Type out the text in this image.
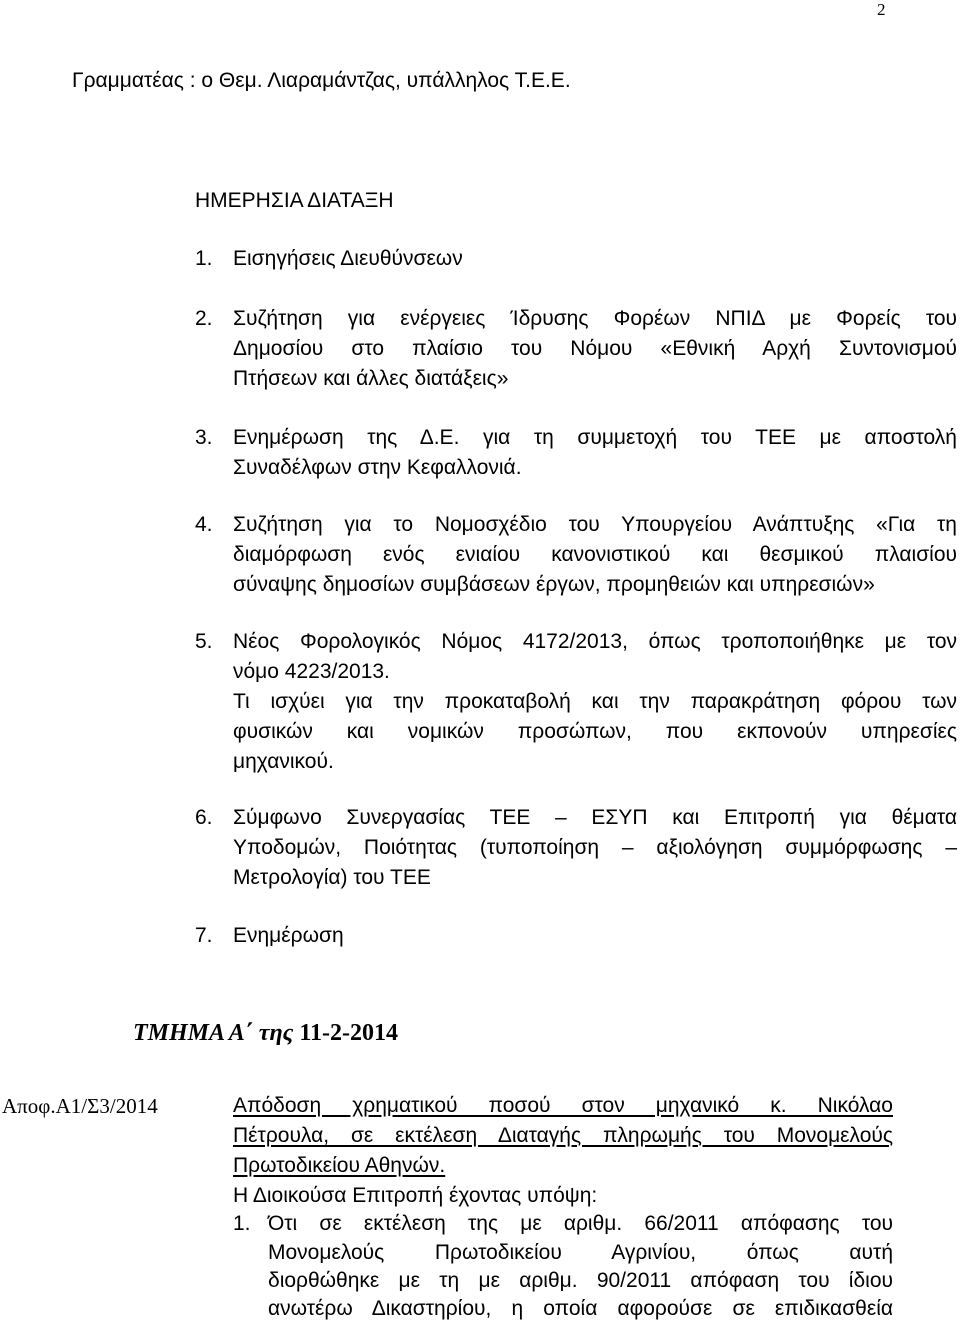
2
Γραμματέας : ο Θεμ. Λιαραμάντζας, υπάλληλος Τ.Ε.Ε.
ΗΜΕΡΗΣΙΑ ΔΙΑΤΑΞΗ
1. Εισηγήσεις Διευθύνσεων
2. Συζήτηση για ενέργειες Ίδρυσης Φορέων ΝΠΙΔ με Φορείς του
Δημοσίου στο πλαίσιο του Νόμου «Εθνική Αρχή Συντονισμού
Πτήσεων και άλλες διατάξεις»
3. Ενημέρωση της Δ.Ε. για τη συμμετοχή του ΤΕΕ με αποστολή
Συναδέλφων στην Κεφαλλονιά.
4. Συζήτηση για το Νομοσχέδιο του Υπουργείου Ανάπτυξης «Για τη
διαμόρφωση ενός ενιαίου κανονιστικού και θεσμικού πλαισίου
σύναψης δημοσίων συμβάσεων έργων, προμηθειών και υπηρεσιών»
5. Νέος Φορολογικός Νόμος 4172/2013, όπως τροποποιήθηκε με τον
νόμο 4223/2013.
Τι ισχύει για την προκαταβολή και την παρακράτηση φόρου των
φυσικών και νομικών προσώπων, που εκπονούν υπηρεσίες
μηχανικού.
6. Σύμφωνο Συνεργασίας ΤΕΕ – ΕΣΥΠ και Επιτροπή για θέματα
Υποδομών, Ποιότητας (τυποποίηση – αξιολόγηση συμμόρφωσης –
Μετρολογία) του ΤΕΕ
7. Ενημέρωση
ΤΜΗΜΑ Α΄ της 11-2-2014
Αποφ.Α1/Σ3/2014	Απόδοση χρηματικού ποσού στον μηχανικό κ. Νικόλαο
Πέτρουλα, σε εκτέλεση Διαταγής πληρωμής του Μονομελούς
Πρωτοδικείου Αθηνών.
Η Διοικούσα Επιτροπή έχοντας υπόψη:
1. Ότι σε εκτέλεση της με αριθμ. 66/2011 απόφασης του
Μονομελούς Πρωτοδικείου Αγρινίου, όπως αυτή
διορθώθηκε με τη με αριθμ. 90/2011 απόφαση του ίδιου
ανωτέρω Δικαστηρίου, η οποία αφορούσε σε επιδικασθεία
